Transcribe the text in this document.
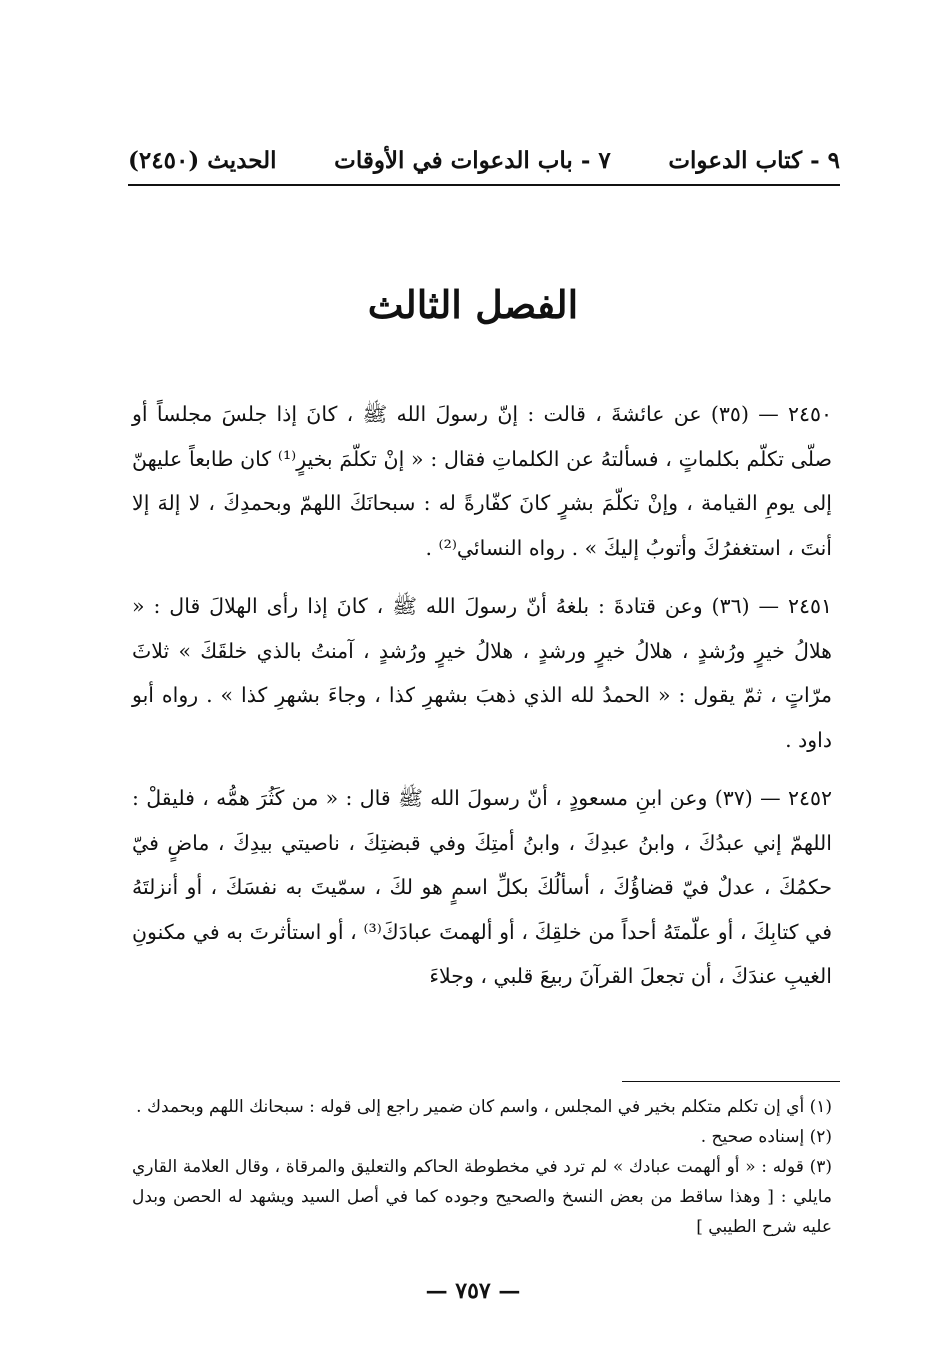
٩ - كتاب الدعوات
٧ - باب الدعوات في الأوقات
الحديث (٢٤٥٠)
الفصل الثالث

٢٤٥٠ — (٣٥) عن عائشةَ ، قالت : إنّ رسولَ الله ﷺ ، كانَ إذا جلسَ مجلساً أو صلّى تكلّم بكلماتٍ ، فسألتهُ عن الكلماتِ فقال : « إنْ تكلّمَ بخيرٍ⁽¹⁾ كان طابعاً عليهنّ إلى يومِ القيامة ، وإنْ تكلّمَ بشرٍ كانَ كفّارةً له : سبحانَكَ اللهمّ وبحمدِكَ ، لا إلهَ إلا أنتَ ، استغفرُكَ وأتوبُ إليكَ » . رواه النسائي⁽²⁾ .

٢٤٥١ — (٣٦) وعن قتادةَ : بلغهُ أنّ رسولَ الله ﷺ ، كانَ إذا رأى الهلالَ قال : « هلالُ خيرٍ ورُشدٍ ، هلالُ خيرٍ ورشدٍ ، هلالُ خيرٍ ورُشدٍ ، آمنتُ بالذي خلقَكَ » ثلاثَ مرّاتٍ ، ثمّ يقول : « الحمدُ لله الذي ذهبَ بشهرِ كذا ، وجاءَ بشهرِ كذا » . رواه أبو داود .

٢٤٥٢ — (٣٧) وعن ابنِ مسعودٍ ، أنّ رسولَ الله ﷺ قال : « من كَثُرَ همُّه ، فليقلْ : اللهمّ إني عبدُكَ ، وابنُ عبدِكَ ، وابنُ أمتِكَ وفي قبضتِكَ ، ناصيتي بيدِكَ ، ماضٍ فيّ حكمُكَ ، عدلٌ فيّ قضاؤُكَ ، أسألُكَ بكلِّ اسمٍ هو لكَ ، سمّيتَ به نفسَكَ ، أو أنزلتَهُ في كتابِكَ ، أو علّمتَهُ أحداً من خلقِكَ ، أو ألهمتَ عبادَكَ⁽³⁾ ، أو استأثرتَ به في مكنونِ الغيبِ عندَكَ ، أن تجعلَ القرآنَ ربيعَ قلبي ، وجلاءَ

(١) أي إن تكلم متكلم بخير في المجلس ، واسم كان ضمير راجع إلى قوله : سبحانك اللهم وبحمدك .

(٢) إسناده صحيح .

(٣) قوله : « أو ألهمت عبادك » لم ترد في مخطوطة الحاكم والتعليق والمرقاة ، وقال العلامة القاري مايلي : [ وهذا ساقط من بعض النسخ والصحيح وجوده كما في أصل السيد ويشهد له الحصن وبدل عليه شرح الطيبي ]

— ٧٥٧ —
